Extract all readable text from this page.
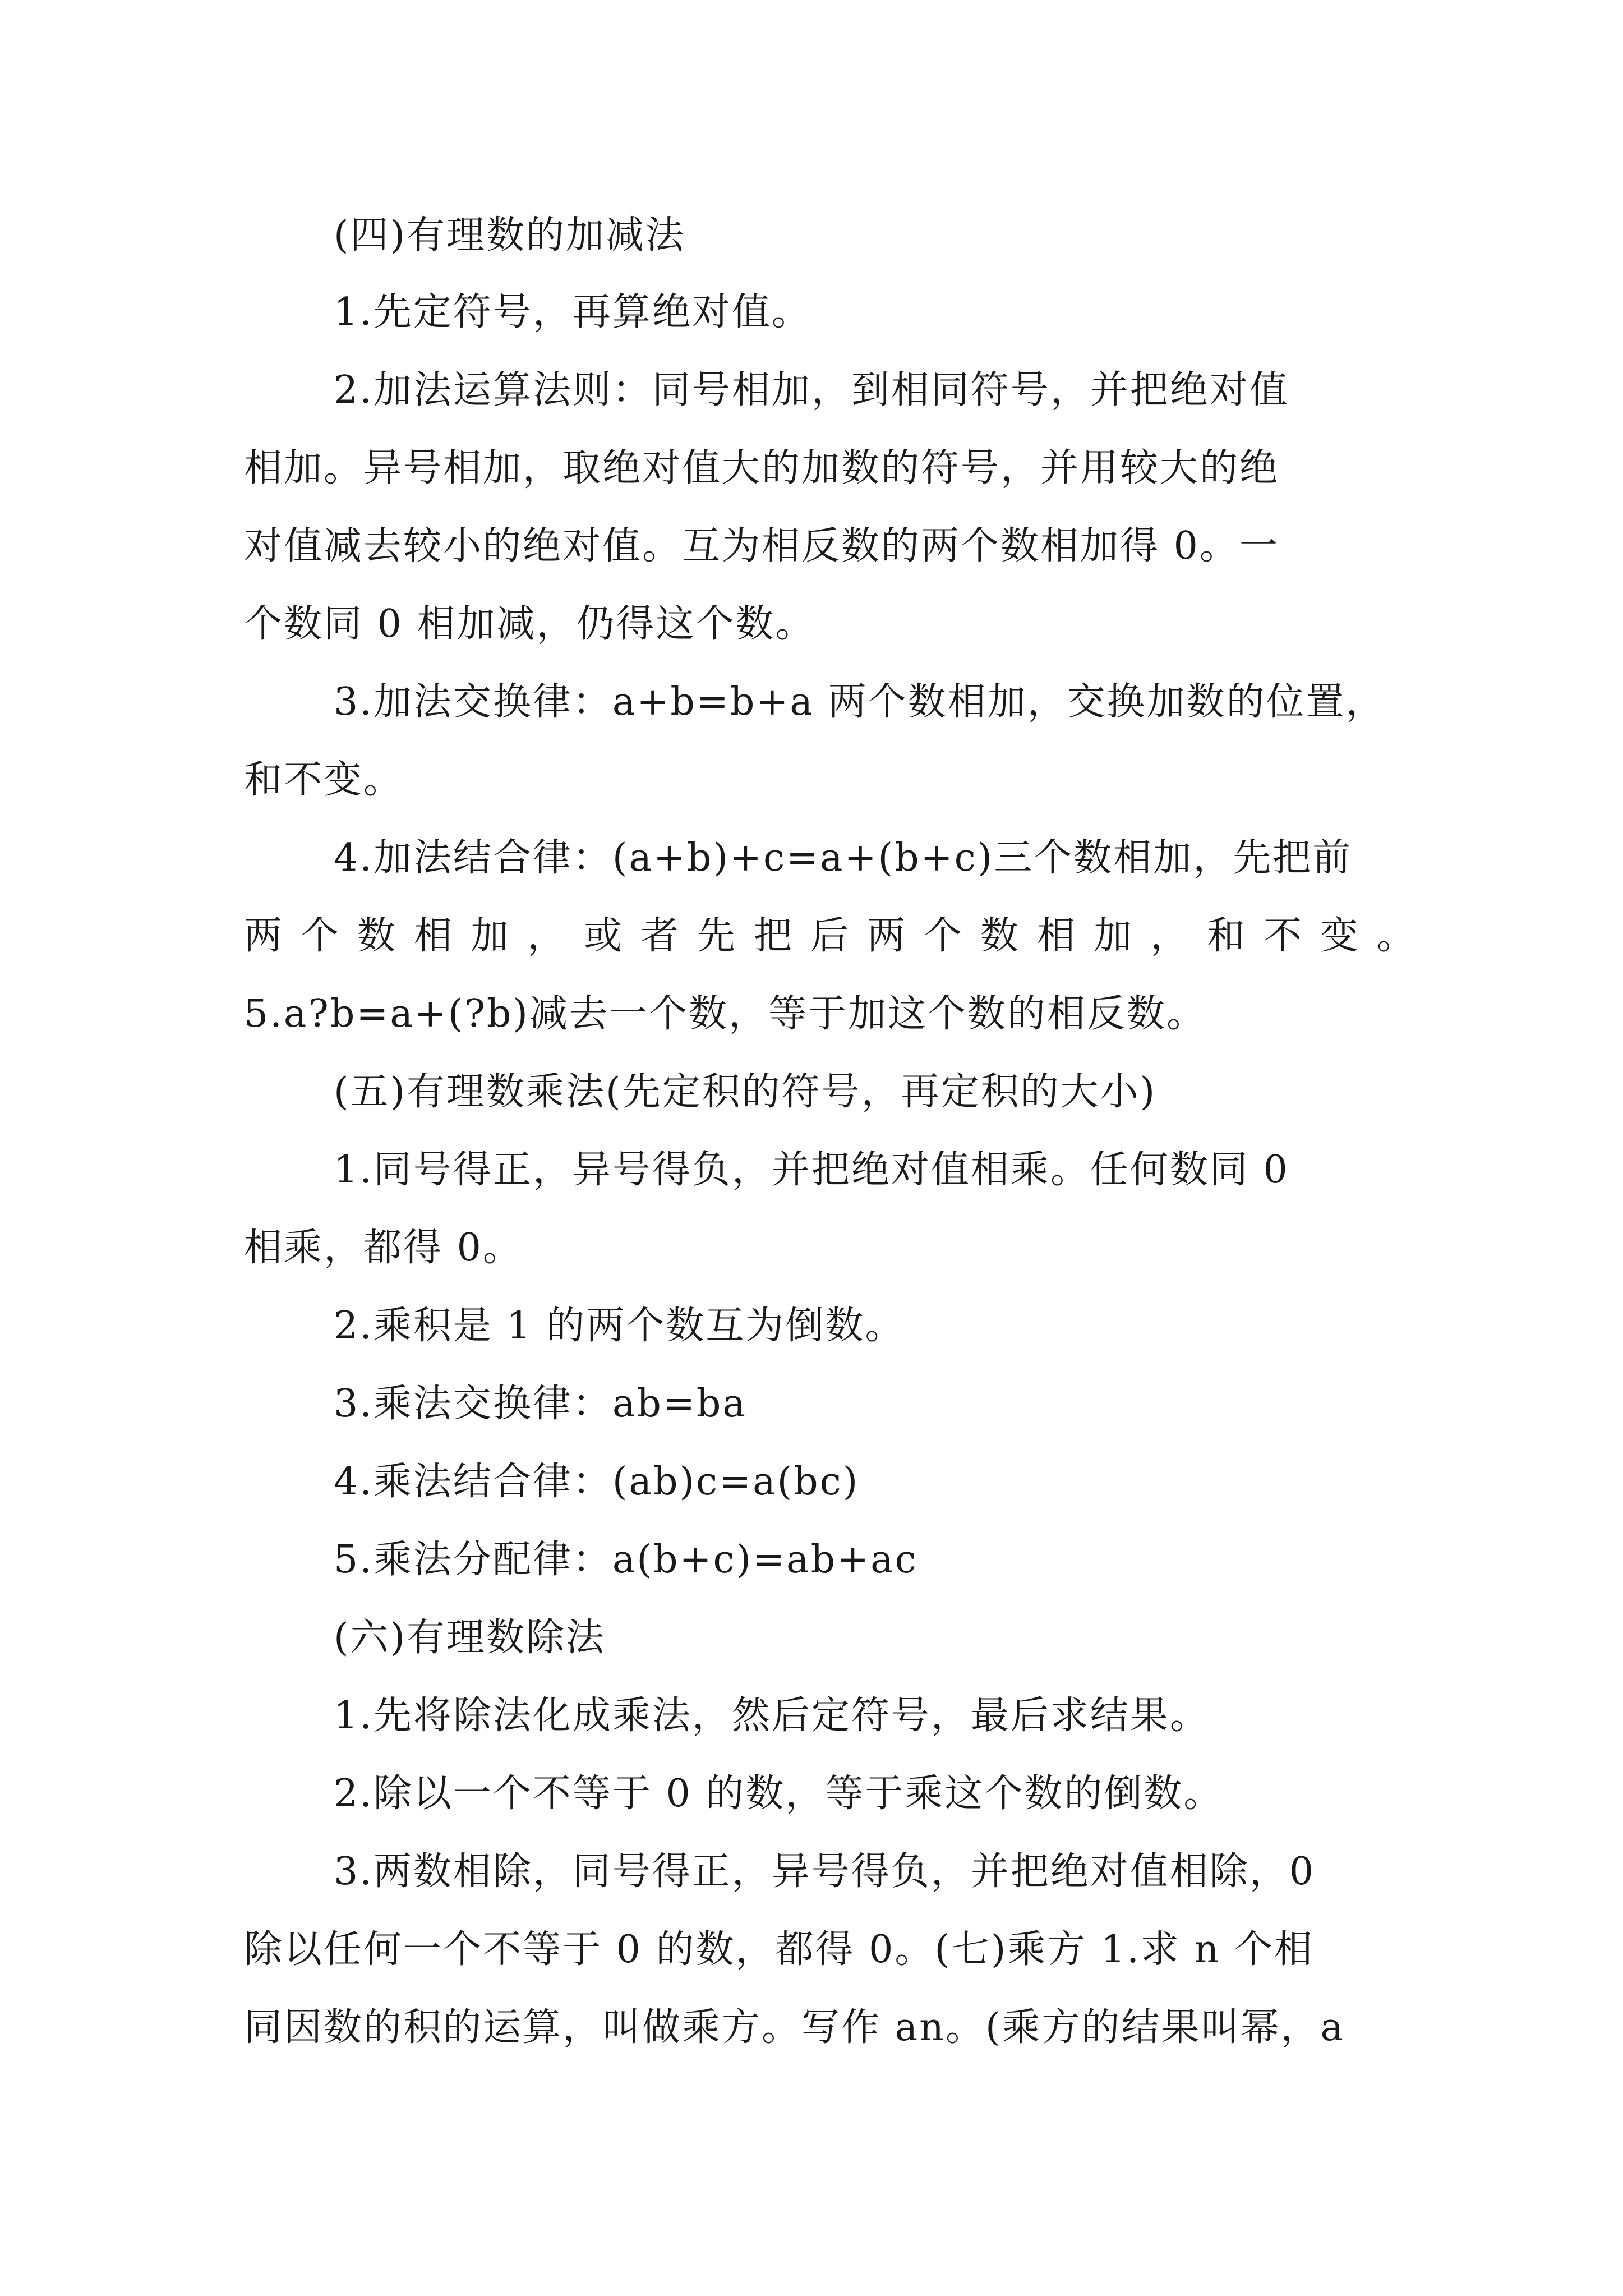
(四)有理数的加减法

1.先定符号，再算绝对值。

2.加法运算法则：同号相加，到相同符号，并把绝对值

相加。异号相加，取绝对值大的加数的符号，并用较大的绝

对值减去较小的绝对值。互为相反数的两个数相加得 0。一

个数同 0 相加减，仍得这个数。

3.加法交换律：a+b=b+a 两个数相加，交换加数的位置，

和不变。

4.加法结合律：(a+b)+c=a+(b+c)三个数相加，先把前

两个数相加，或者先把后两个数相加，和不变。

5.a?b=a+(?b)减去一个数，等于加这个数的相反数。

(五)有理数乘法(先定积的符号，再定积的大小)

1.同号得正，异号得负，并把绝对值相乘。任何数同 0

相乘，都得 0。

2.乘积是 1 的两个数互为倒数。

3.乘法交换律：ab=ba

4.乘法结合律：(ab)c=a(bc)

5.乘法分配律：a(b+c)=ab+ac

(六)有理数除法

1.先将除法化成乘法，然后定符号，最后求结果。

2.除以一个不等于 0 的数，等于乘这个数的倒数。

3.两数相除，同号得正，异号得负，并把绝对值相除，0

除以任何一个不等于 0 的数，都得 0。(七)乘方 1.求 n 个相

同因数的积的运算，叫做乘方。写作 an。(乘方的结果叫幂，a
